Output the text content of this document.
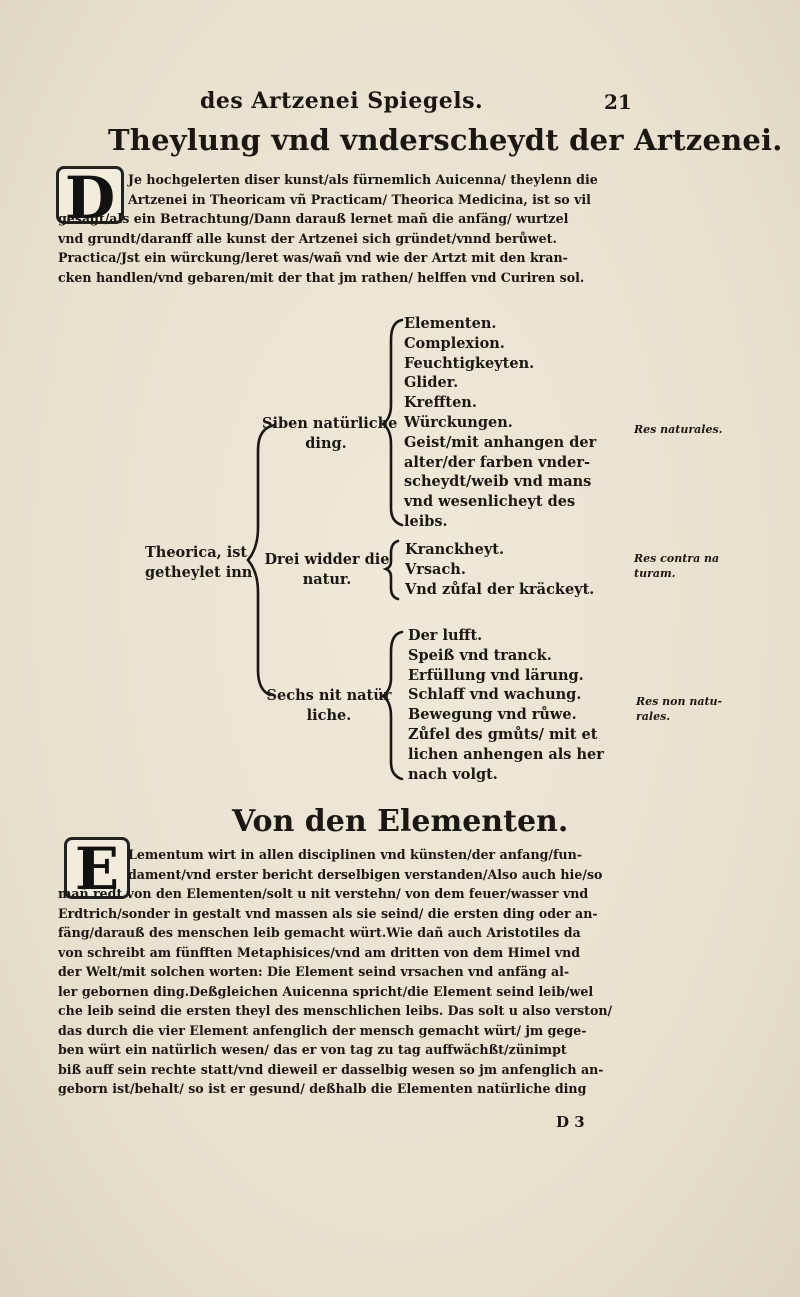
des Artzenei Spiegels.	21
Theylung vnd vnderscheydt der Artzenei.
D	Je hochgelerten diser kunst/als fürnemlich Auicenna/ theylenn die
Artzenei in Theoricam vñ Practicam/ Theorica Medicina, ist so vil
gesagt/als ein Betrachtung/Dann darauß lernet mañ die anfäng/ wurtzel
vnd grundt/daranff alle kunst der Artzenei sich gründet/vnnd berůwet.
Practica/Jst ein würckung/leret was/wañ vnd wie der Artzt mit den kran‑
cken handlen/vnd gebaren/mit der that jm rathen/ helffen vnd Curiren sol.
Theorica, ist
getheylet inn
Siben natürliche
ding.
Elementen.
Complexion.
Feuchtigkeyten.
Glider.
Krefften.
Würckungen.
Geist/mit anhangen der
alter/der farben vnder‑
scheydt/weib vnd mans
vnd wesenlicheyt des
leibs.
Res naturales.
Drei widder die
natur.
Kranckheyt.
Vrsach.
Vnd zůfal der kräckeyt.
Res contra na
turam.
Sechs nit natür
liche.
Der lufft.
Speiß vnd tranck.
Erfüllung vnd lärung.
Schlaff vnd wachung.
Bewegung vnd růwe.
Zůfel des gmůts/ mit et
lichen anhengen als her
nach volgt.
Res non natu‑
rales.
Von den Elementen.
E Lementum wirt in allen disciplinen vnd künsten/der anfang/fun‑
dament/vnd erster bericht derselbigen verstanden/Also auch hie/so
mañ redt von den Elementen/solt u nit verstehn/ von dem feuer/wasser vnd
Erdtrich/sonder in gestalt vnd massen als sie seind/ die ersten ding oder an‑
fäng/darauß des menschen leib gemacht würt.Wie dañ auch Aristotiles da
von schreibt am fünfften Metaphisices/vnd am dritten von dem Himel vnd
der Welt/mit solchen worten: Die Element seind vrsachen vnd anfäng al‑
ler gebornen ding.Deßgleichen Auicenna spricht/die Element seind leib/wel
che leib seind die ersten theyl des menschlichen leibs. Das solt u also verston/
das durch die vier Element anfenglich der mensch gemacht würt/ jm gege‑
ben würt ein natürlich wesen/ das er von tag zu tag auffwächßt/zünimpt
biß auff sein rechte statt/vnd dieweil er dasselbig wesen so jm anfenglich an‑
geborn ist/behalt/ so ist er gesund/ deßhalb die Elementen natürliche ding
D 3
